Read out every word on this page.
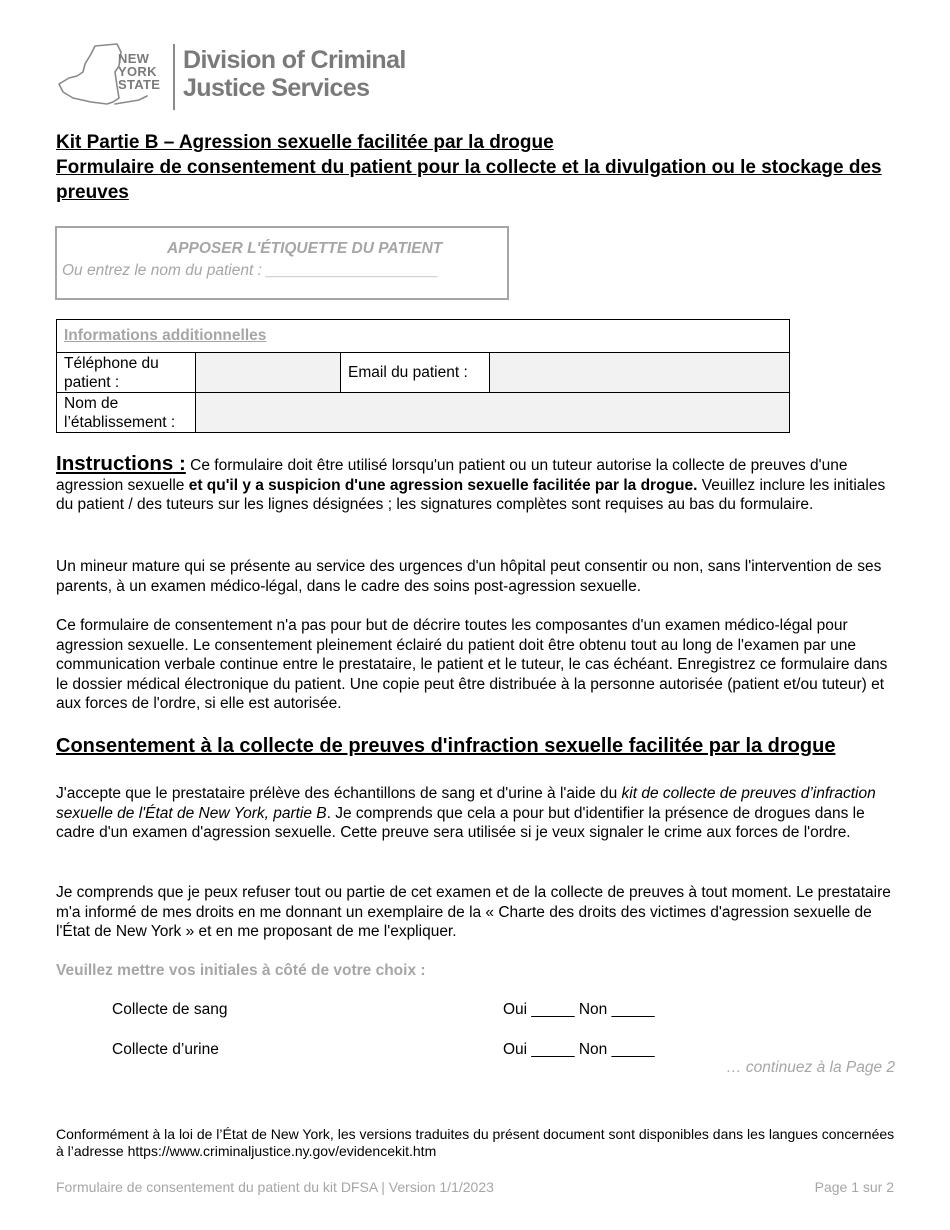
NEW
YORK
STATE
Division of Criminal
Justice Services
Kit Partie B – Agression sexuelle facilitée par la drogue
Formulaire de consentement du patient pour la collecte et la divulgation ou le stockage des preuves
APPOSER L'ÉTIQUETTE DU PATIENT
Ou entrez le nom du patient : ____________________
Informations additionnelles			
Téléphone du patient :		Email du patient :	
Nom de l’établissement :			
Instructions : Ce formulaire doit être utilisé lorsqu'un patient ou un tuteur autorise la collecte de preuves d'une agression sexuelle et qu'il y a suspicion d'une agression sexuelle facilitée par la drogue. Veuillez inclure les initiales du patient / des tuteurs sur les lignes désignées ; les signatures complètes sont requises au bas du formulaire.
Un mineur mature qui se présente au service des urgences d'un hôpital peut consentir ou non, sans l'intervention de ses parents, à un examen médico-légal, dans le cadre des soins post-agression sexuelle.
Ce formulaire de consentement n'a pas pour but de décrire toutes les composantes d'un examen médico-légal pour agression sexuelle. Le consentement pleinement éclairé du patient doit être obtenu tout au long de l'examen par une communication verbale continue entre le prestataire, le patient et le tuteur, le cas échéant. Enregistrez ce formulaire dans le dossier médical électronique du patient. Une copie peut être distribuée à la personne autorisée (patient et/ou tuteur) et aux forces de l'ordre, si elle est autorisée.
Consentement à la collecte de preuves d'infraction sexuelle facilitée par la drogue
J'accepte que le prestataire prélève des échantillons de sang et d'urine à l'aide du kit de collecte de preuves d’infraction sexuelle de l'État de New York, partie B. Je comprends que cela a pour but d'identifier la présence de drogues dans le cadre d'un examen d'agression sexuelle. Cette preuve sera utilisée si je veux signaler le crime aux forces de l'ordre.
Je comprends que je peux refuser tout ou partie de cet examen et de la collecte de preuves à tout moment. Le prestataire m'a informé de mes droits en me donnant un exemplaire de la « Charte des droits des victimes d'agression sexuelle de l'État de New York » et en me proposant de me l'expliquer.
Veuillez mettre vos initiales à côté de votre choix :
Collecte de sang	Oui _____ Non _____
Collecte d’urine	Oui _____ Non _____
… continuez à la Page 2
Conformément à la loi de l’État de New York, les versions traduites du présent document sont disponibles dans les langues concernées à l’adresse https://www.criminaljustice.ny.gov/evidencekit.htm
Formulaire de consentement du patient du kit DFSA | Version 1/1/2023	Page 1 sur 2
